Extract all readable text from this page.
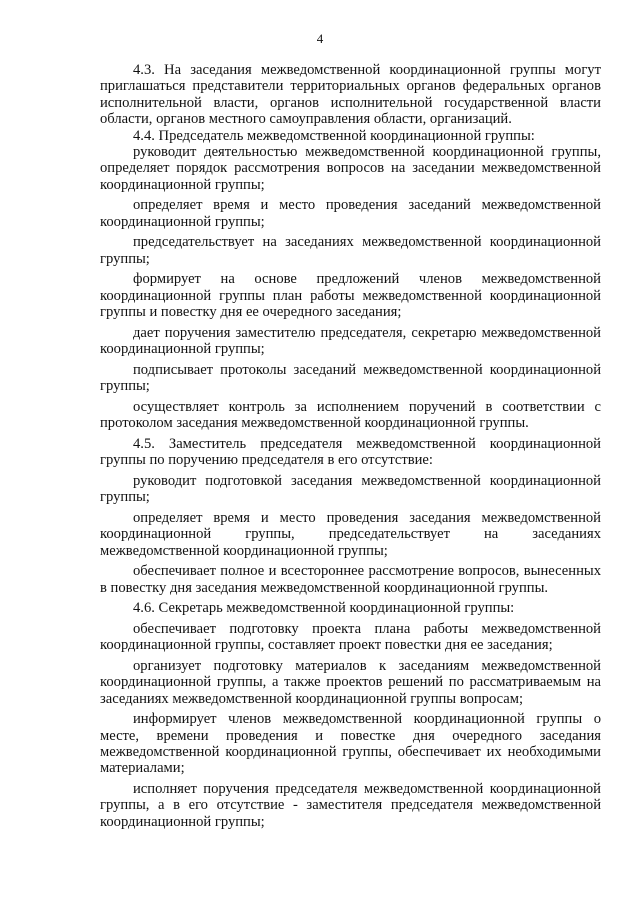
4

4.3. На заседания межведомственной координационной группы могут приглашаться представители территориальных органов федеральных органов исполнительной власти, органов исполнительной государственной власти области, органов местного самоуправления области, организаций.

4.4. Председатель межведомственной координационной группы:

руководит деятельностью межведомственной координационной группы, определяет порядок рассмотрения вопросов на заседании межведомственной координационной группы;

определяет время и место проведения заседаний межведомственной координационной группы;

председательствует на заседаниях межведомственной координационной группы;

формирует на основе предложений членов межведомственной координационной группы план работы межведомственной координационной группы и повестку дня ее очередного заседания;

дает поручения заместителю председателя, секретарю межведомственной координационной группы;

подписывает протоколы заседаний межведомственной координационной группы;

осуществляет контроль за исполнением поручений в соответствии с протоколом заседания межведомственной координационной группы.

4.5. Заместитель председателя межведомственной координационной группы по поручению председателя в его отсутствие:

руководит подготовкой заседания межведомственной координационной группы;

определяет время и место проведения заседания межведомственной координационной группы, председательствует на заседаниях межведомственной координационной группы;

обеспечивает полное и всестороннее рассмотрение вопросов, вынесенных в повестку дня заседания межведомственной координационной группы.

4.6. Секретарь межведомственной координационной группы:

обеспечивает подготовку проекта плана работы межведомственной координационной группы, составляет проект повестки дня ее заседания;

организует подготовку материалов к заседаниям межведомственной координационной группы, а также проектов решений по рассматриваемым на заседаниях межведомственной координационной группы вопросам;

информирует членов межведомственной координационной группы о месте, времени проведения и повестке дня очередного заседания межведомственной координационной группы, обеспечивает их необходимыми материалами;

исполняет поручения председателя межведомственной координационной группы, а в его отсутствие - заместителя председателя межведомственной координационной группы;
